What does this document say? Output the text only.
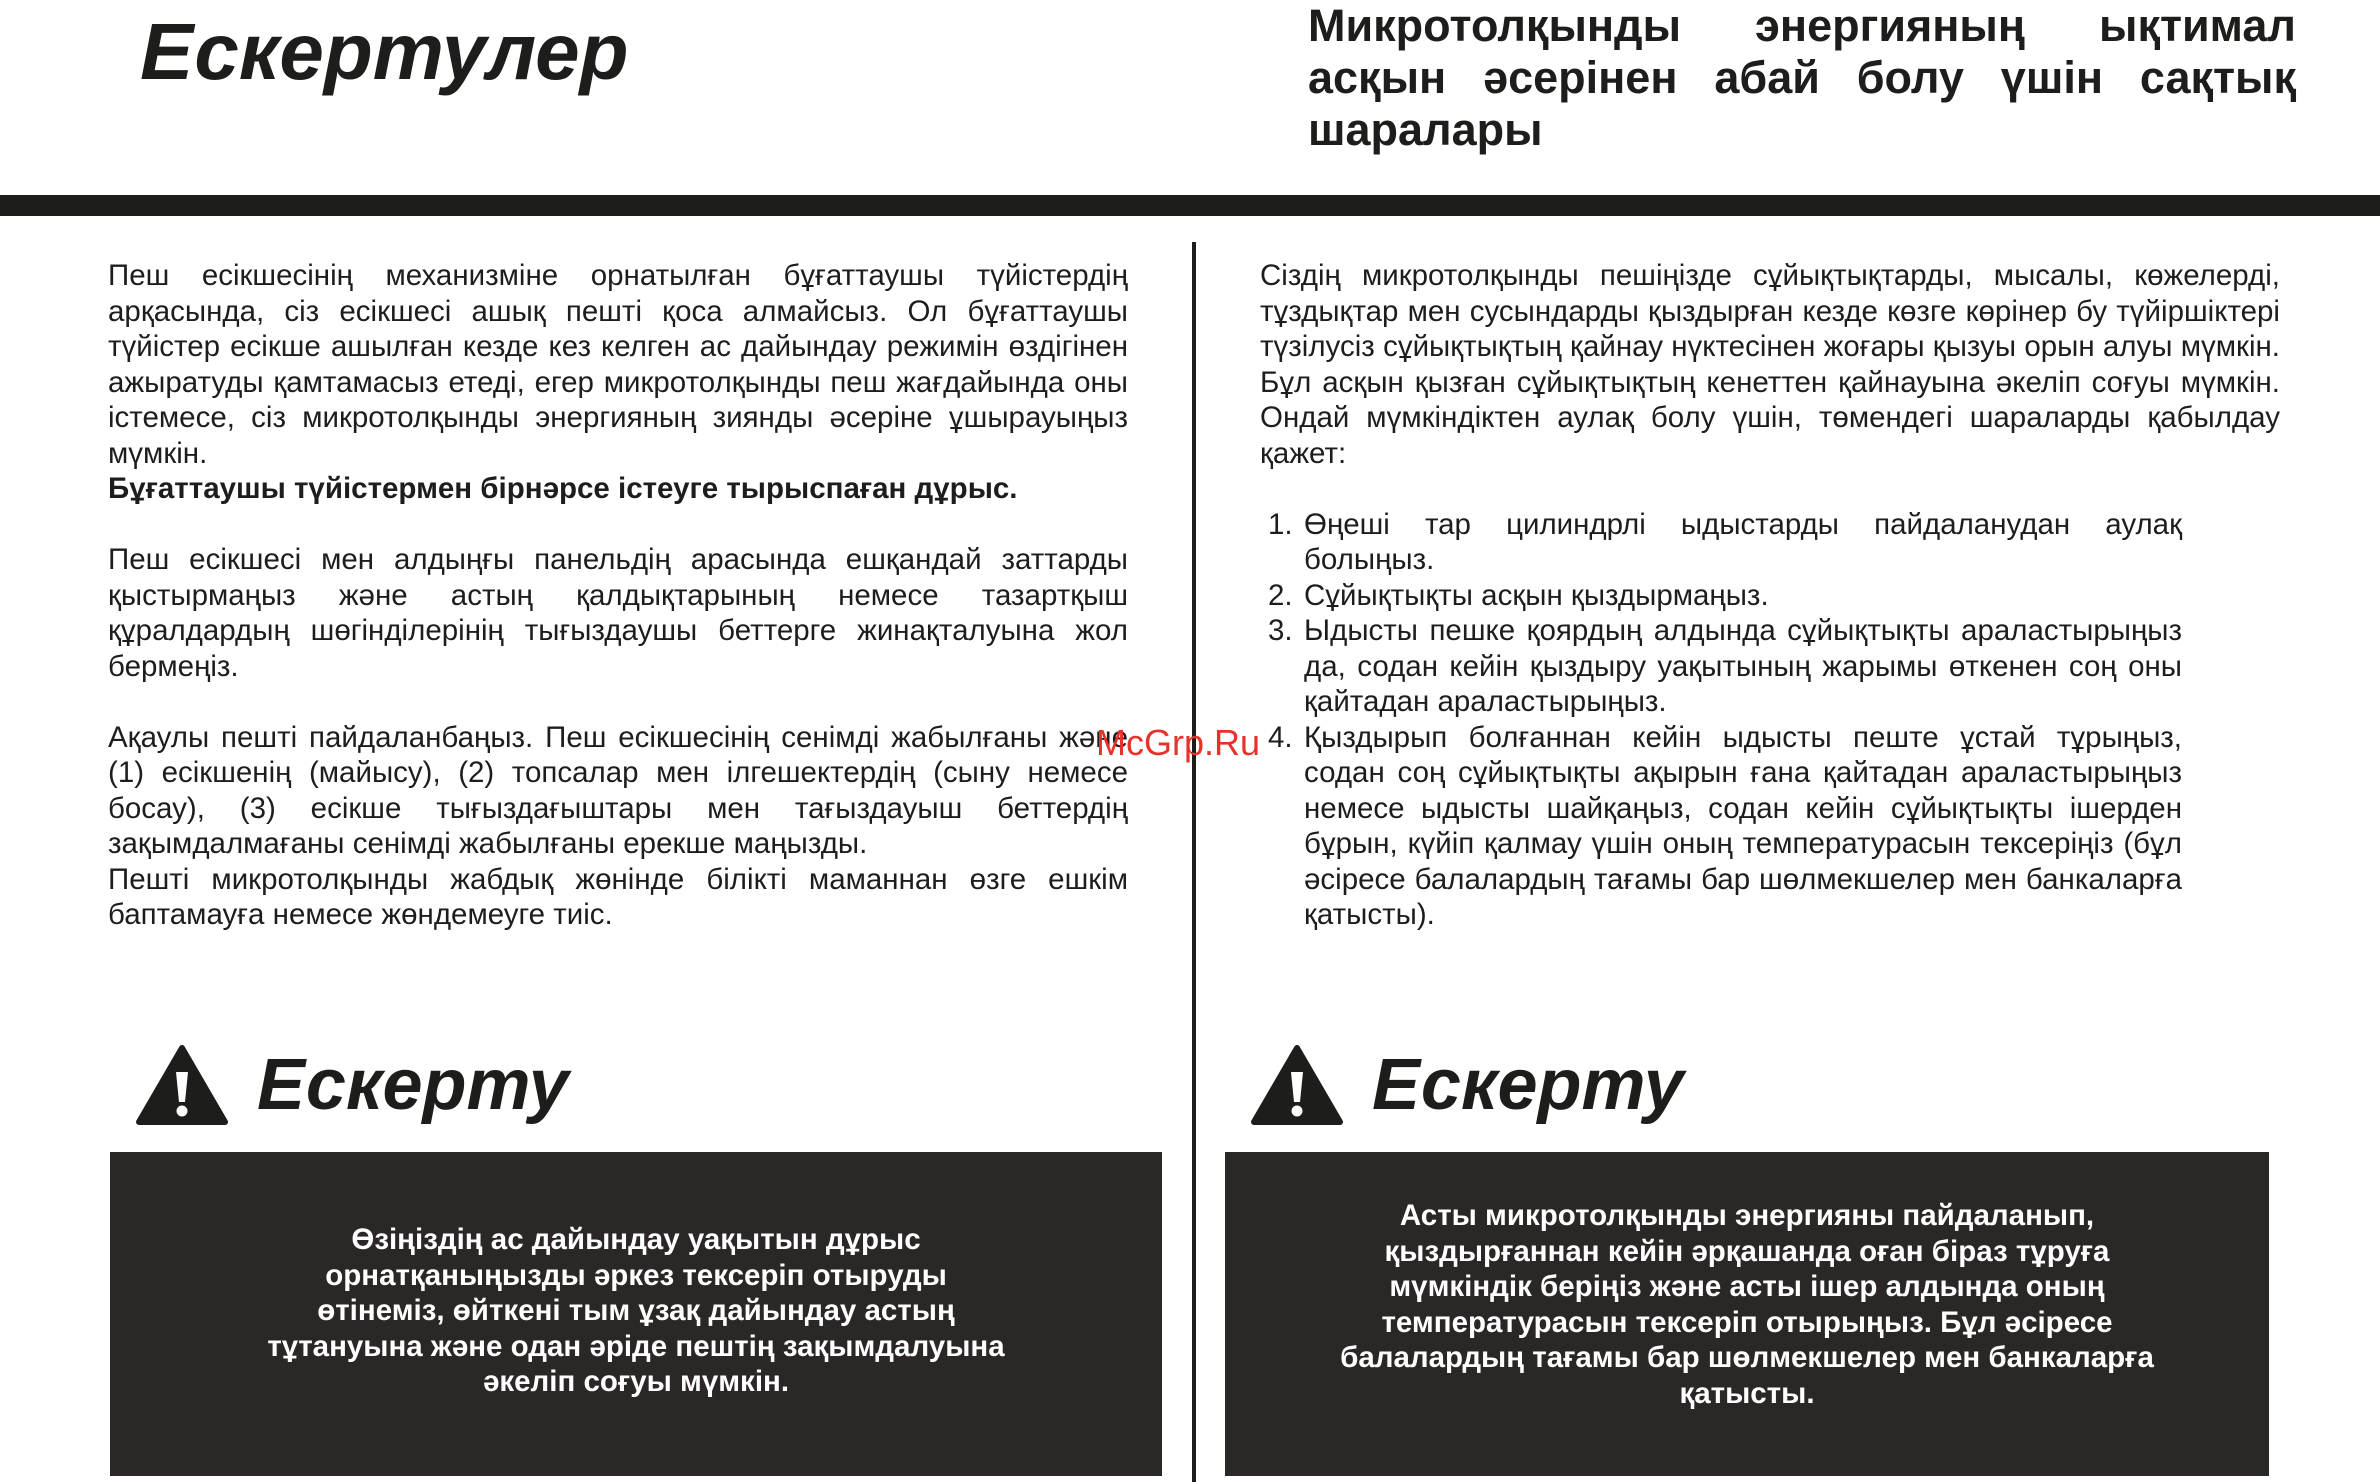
Ескертулер	Микротолқынды энергияның ықтимал асқын әсерінен абай болу үшін сақтық шаралары

Пеш есікшесінің механизміне орнатылған бұғаттаушы түйістердің арқасында, сіз есікшесі ашық пешті қоса алмайсыз. Ол бұғаттаушы түйістер есікше ашылған кезде кез келген ас дайындау режимін өздігінен ажыратуды қамтамасыз етеді, егер микротолқынды пеш жағдайында оны істемесе, сіз микротолқынды энергияның зиянды әсеріне ұшырауыңыз мүмкін.

Бұғаттаушы түйістермен бірнәрсе істеуге тырыспаған дұрыс.

Пеш есікшесі мен алдыңғы панельдің арасында ешқандай заттарды қыстырмаңыз және астың қалдықтарының немесе тазартқыш құралдардың шөгінділерінің тығыздаушы беттерге жинақталуына жол бермеңіз.

Ақаулы пешті пайдаланбаңыз. Пеш есікшесінің сенімді жабылғаны және (1) есікшенің (майысу), (2) топсалар мен ілгешектердің (сыну немесе босау), (3) есікше тығыздағыштары мен тағыздауыш беттердің зақымдалмағаны сенімді жабылғаны ерекше маңызды.

Пешті микротолқынды жабдық жөнінде білікті маманнан өзге ешкім баптамауға немесе жөндемеуге тиіс.

Сіздің микротолқынды пешіңізде сұйықтықтарды, мысалы, көжелерді, тұздықтар мен сусындарды қыздырған кезде көзге көрінер бу түйіршіктері түзілусіз сұйықтықтың қайнау нүктесінен жоғары қызуы орын алуы мүмкін. Бұл асқын қызған сұйықтықтың кенеттен қайнауына әкеліп соғуы мүмкін. Ондай мүмкіндіктен аулақ болу үшін, төмендегі шараларды қабылдау қажет:

1. Өңеші тар цилиндрлі ыдыстарды пайдаланудан аулақ болыңыз.
2. Сұйықтықты асқын қыздырмаңыз.
3. Ыдысты пешке қоярдың алдында сұйықтықты араластырыңыз да, содан кейін қыздыру уақытының жарымы өткенен соң оны қайтадан араластырыңыз.
4. Қыздырып болғаннан кейін ыдысты пеште ұстай тұрыңыз, содан соң сұйықтықты ақырын ғана қайтадан араластырыңыз немесе ыдысты шайқаңыз, содан кейін сұйықтықты ішерден бұрын, күйіп қалмау үшін оның температурасын тексеріңіз (бұл әсіресе балалардың тағамы бар шөлмекшелер мен банкаларға қатысты).
Ескерту	Ескерту
Өзіңіздің ас дайындау уақытын дұрыс орнатқаныңызды әркез тексеріп отыруды өтінеміз, өйткені тым ұзақ дайындау астың тұтануына және одан әріде пештің зақымдалуына әкеліп соғуы мүмкін.
Асты микротолқынды энергияны пайдаланып, қыздырғаннан кейін әрқашанда оған біраз тұруға мүмкіндік беріңіз және асты ішер алдында оның температурасын тексеріп отырыңыз. Бұл әсіресе балалардың тағамы бар шөлмекшелер мен банкаларға қатысты.
McGrp.Ru
